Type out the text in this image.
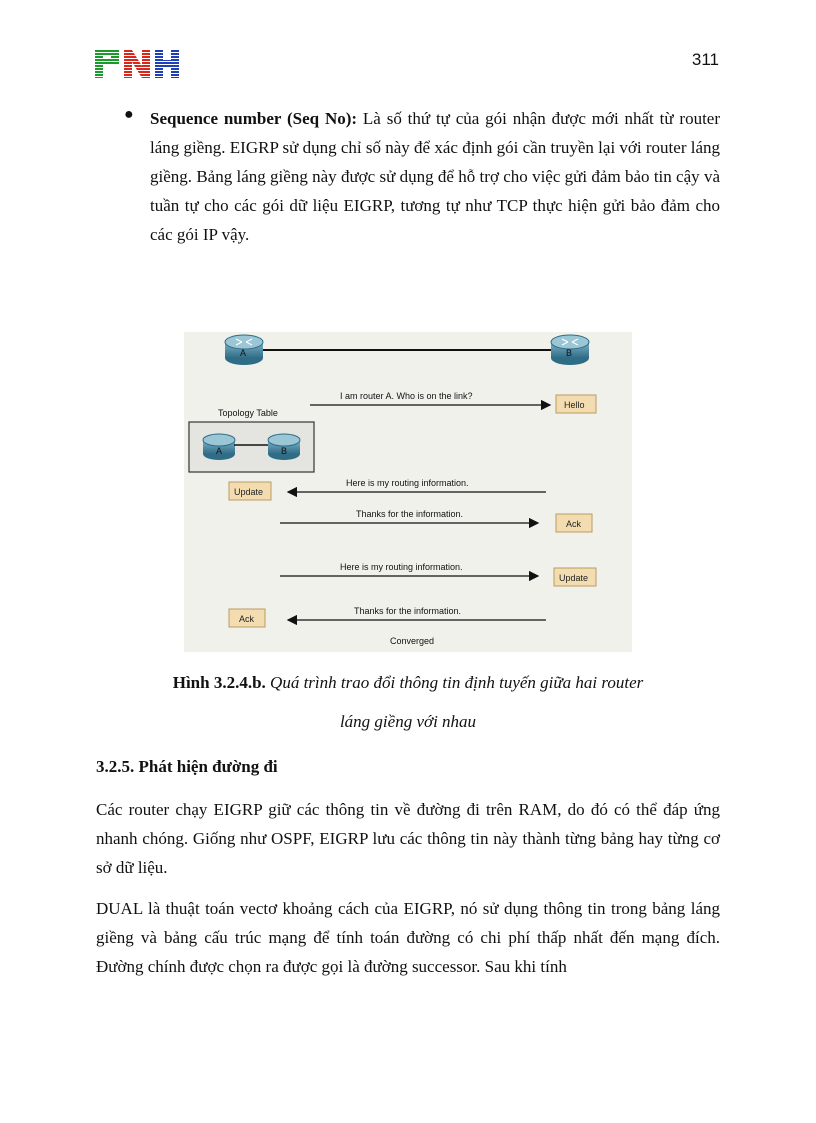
311
● Sequence number (Seq No): Là số thứ tự của gói nhận được mới nhất từ router láng giềng. EIGRP sử dụng chỉ số này để xác định gói cần truyền lại với router láng giềng. Bảng láng giềng này được sử dụng để hỗ trợ cho việc gửi đảm bảo tin cậy và tuần tự cho các gói dữ liệu EIGRP, tương tự như TCP thực hiện gửi bảo đảm cho các gói IP vậy.

A	B
I am router A. Who is on the link?
Hello
Topology Table
A	B
Here is my routing information.
Update
Thanks for the information.
Ack
Here is my routing information.
Update
Thanks for the information.
Ack
Converged
Hình 3.2.4.b. Quá trình trao đổi thông tin định tuyến giữa hai router
láng giềng với nhau
3.2.5. Phát hiện đường đi

Các router chạy EIGRP giữ các thông tin về đường đi trên RAM, do đó có thể đáp ứng nhanh chóng. Giống như OSPF, EIGRP lưu các thông tin này thành từng bảng hay từng cơ sở dữ liệu.

DUAL là thuật toán vectơ khoảng cách của EIGRP, nó sử dụng thông tin trong bảng láng giềng và bảng cấu trúc mạng để tính toán đường có chi phí thấp nhất đến mạng đích. Đường chính được chọn ra được gọi là đường successor. Sau khi tính
